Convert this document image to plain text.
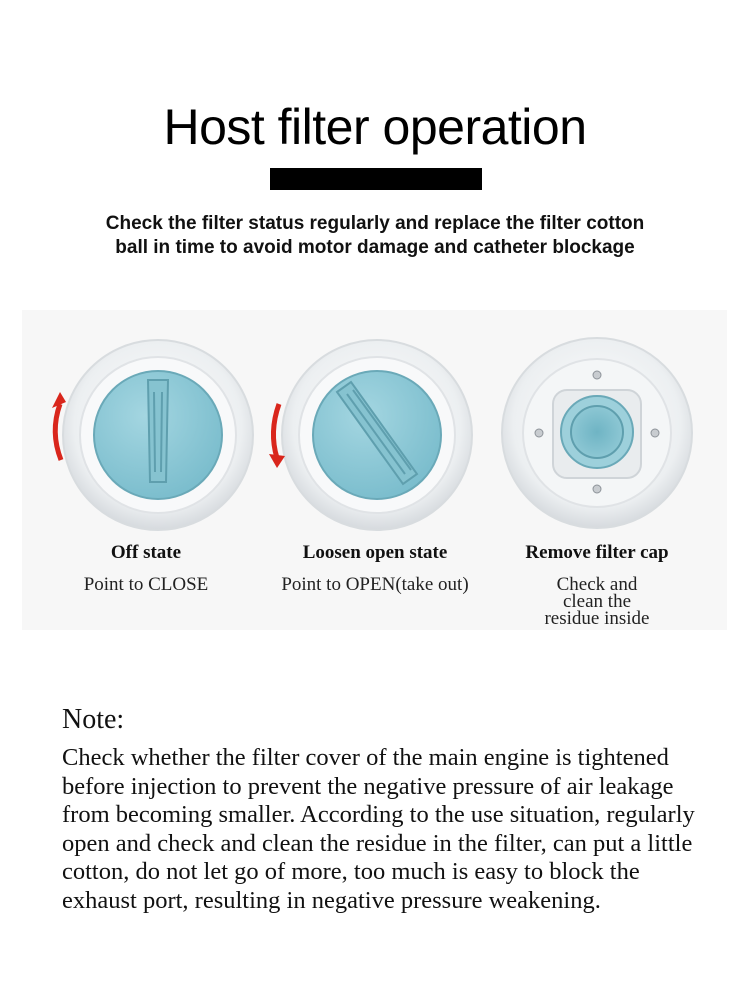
Host filter operation
Check the filter status regularly and replace the filter cotton ball in time to avoid motor damage and catheter blockage
Off state
Point to CLOSE
Loosen open state
Point to OPEN(take out)
Remove filter cap
Check and clean the residue inside
Note:
Check whether the filter cover of the main engine is tightened before injection to prevent the negative pressure of air leakage from becoming smaller. According to the use situation, regularly open and check and clean the residue in the filter, can put a little cotton, do not let go of more, too much is easy to block the exhaust port, resulting in negative pressure weakening.
